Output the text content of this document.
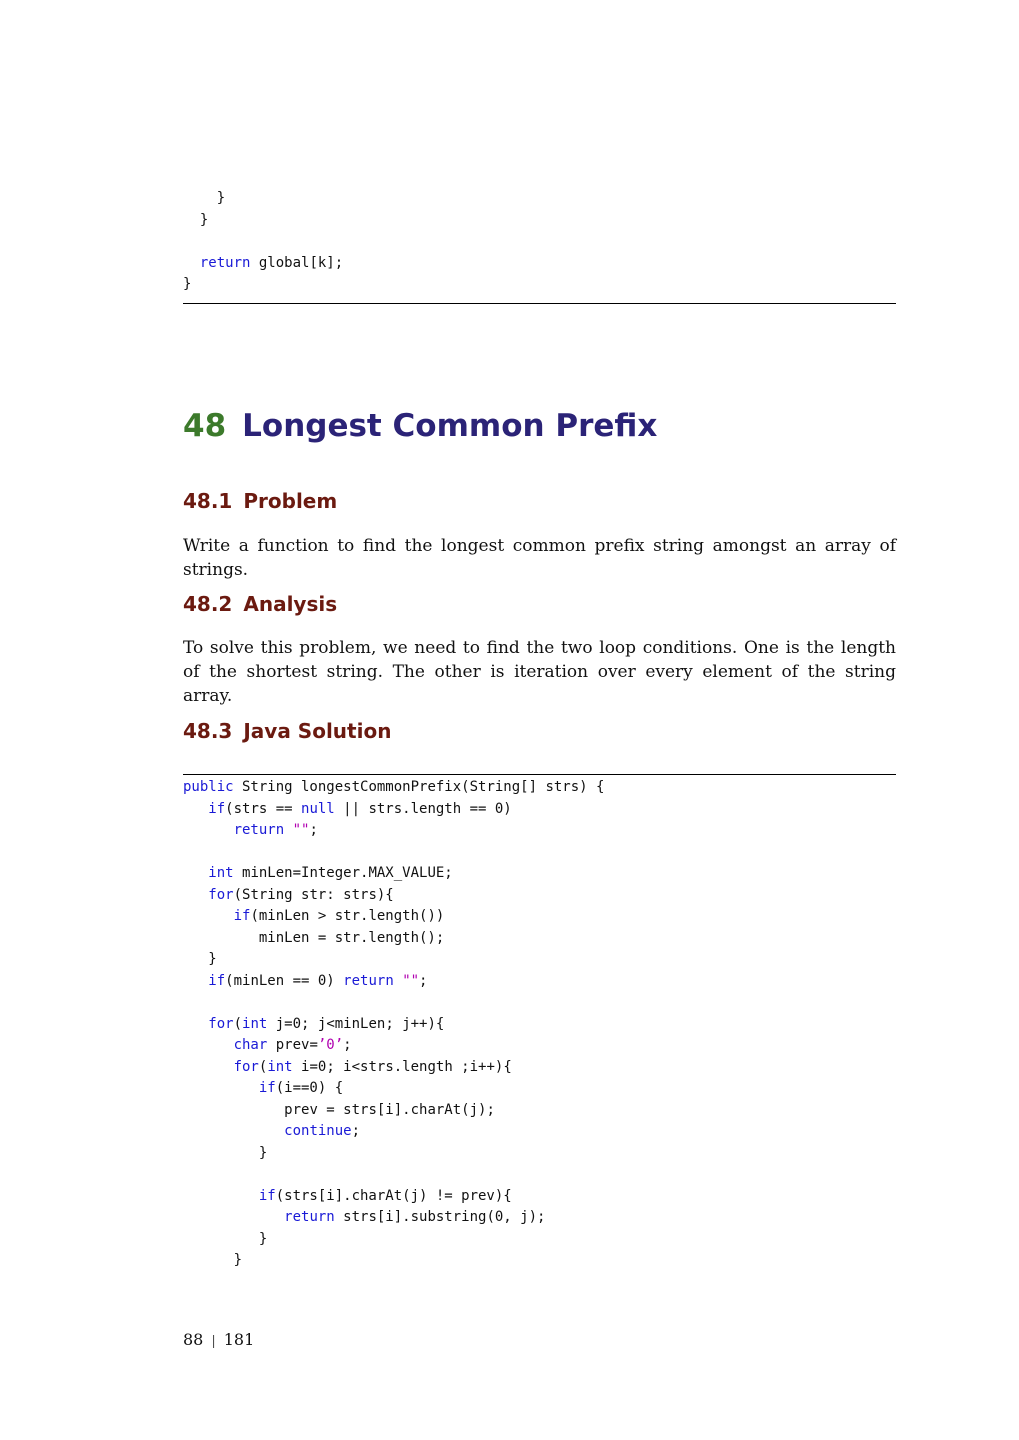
}
}
return global[k];
}
48 Longest Common Prefix
48.1 Problem
Write a function to find the longest common prefix string amongst an array of strings.
48.2 Analysis
To solve this problem, we need to find the two loop conditions. One is the length of the shortest string. The other is iteration over every element of the string array.
48.3 Java Solution
public String longestCommonPrefix(String[] strs) {
if(strs == null || strs.length == 0)
return "";
int minLen=Integer.MAX_VALUE;
for(String str: strs){
if(minLen > str.length())
minLen = str.length();
}
if(minLen == 0) return "";
for(int j=0; j<minLen; j++){
char prev=’0’;
for(int i=0; i<strs.length ;i++){
if(i==0) {
prev = strs[i].charAt(j);
continue;
}
if(strs[i].charAt(j) != prev){
return strs[i].substring(0, j);
}
}
88 | 181
